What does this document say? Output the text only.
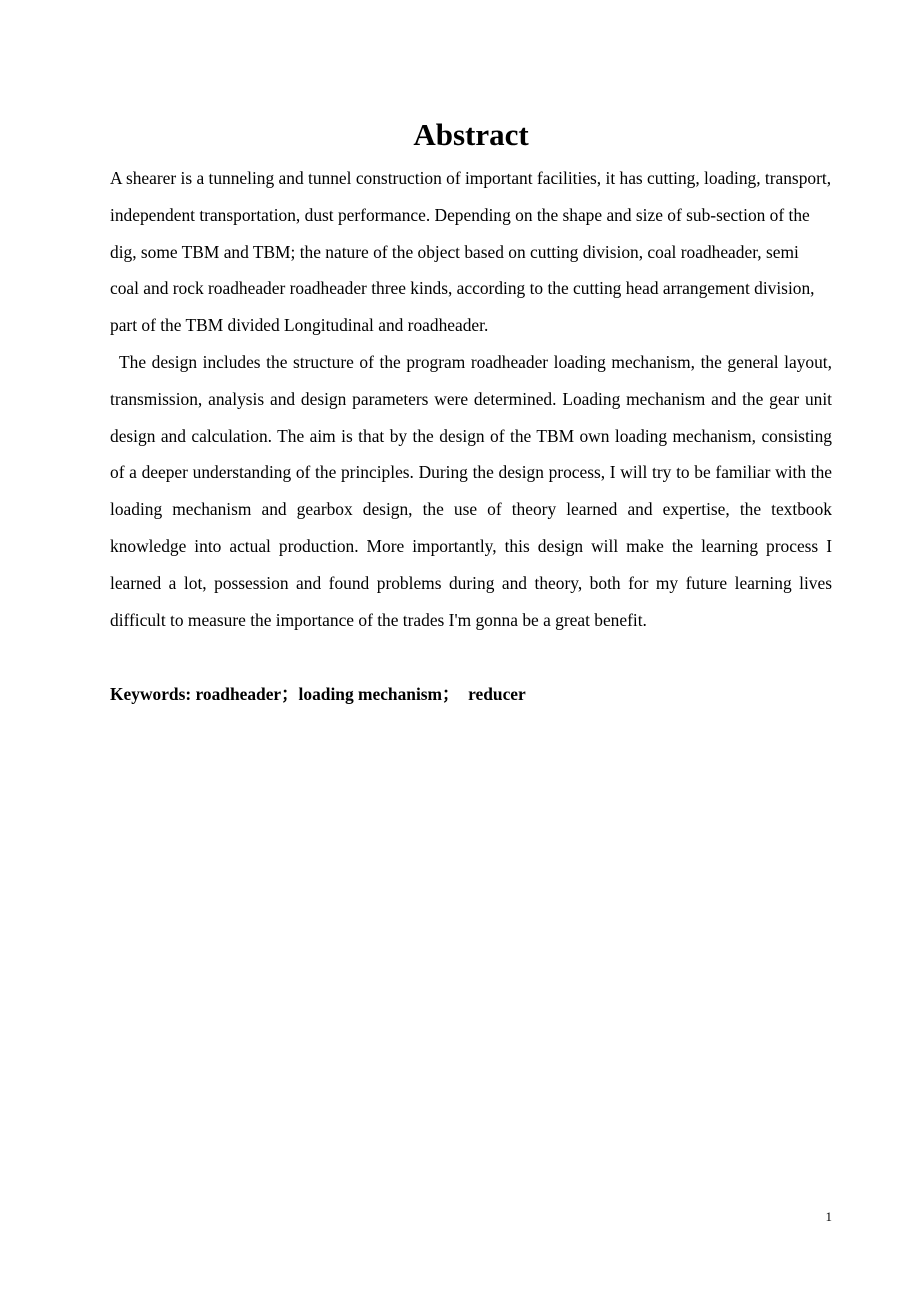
Abstract

A shearer is a tunneling and tunnel construction of important facilities, it has cutting, loading, transport, independent transportation, dust performance. Depending on the shape and size of sub-section of the dig, some TBM and TBM; the nature of the object based on cutting division, coal roadheader, semi coal and rock roadheader roadheader three kinds, according to the cutting head arrangement division, part of the TBM divided Longitudinal and roadheader.

The design includes the structure of the program roadheader loading mechanism, the general layout, transmission, analysis and design parameters were determined. Loading mechanism and the gear unit design and calculation. The aim is that by the design of the TBM own loading mechanism, consisting of a deeper understanding of the principles. During the design process, I will try to be familiar with the loading mechanism and gearbox design, the use of theory learned and expertise, the textbook knowledge into actual production. More importantly, this design will make the learning process I learned a lot, possession and found problems during and theory, both for my future learning lives difficult to measure the importance of the trades I'm gonna be a great benefit.

Keywords: roadheader；loading mechanism；  reducer

1
